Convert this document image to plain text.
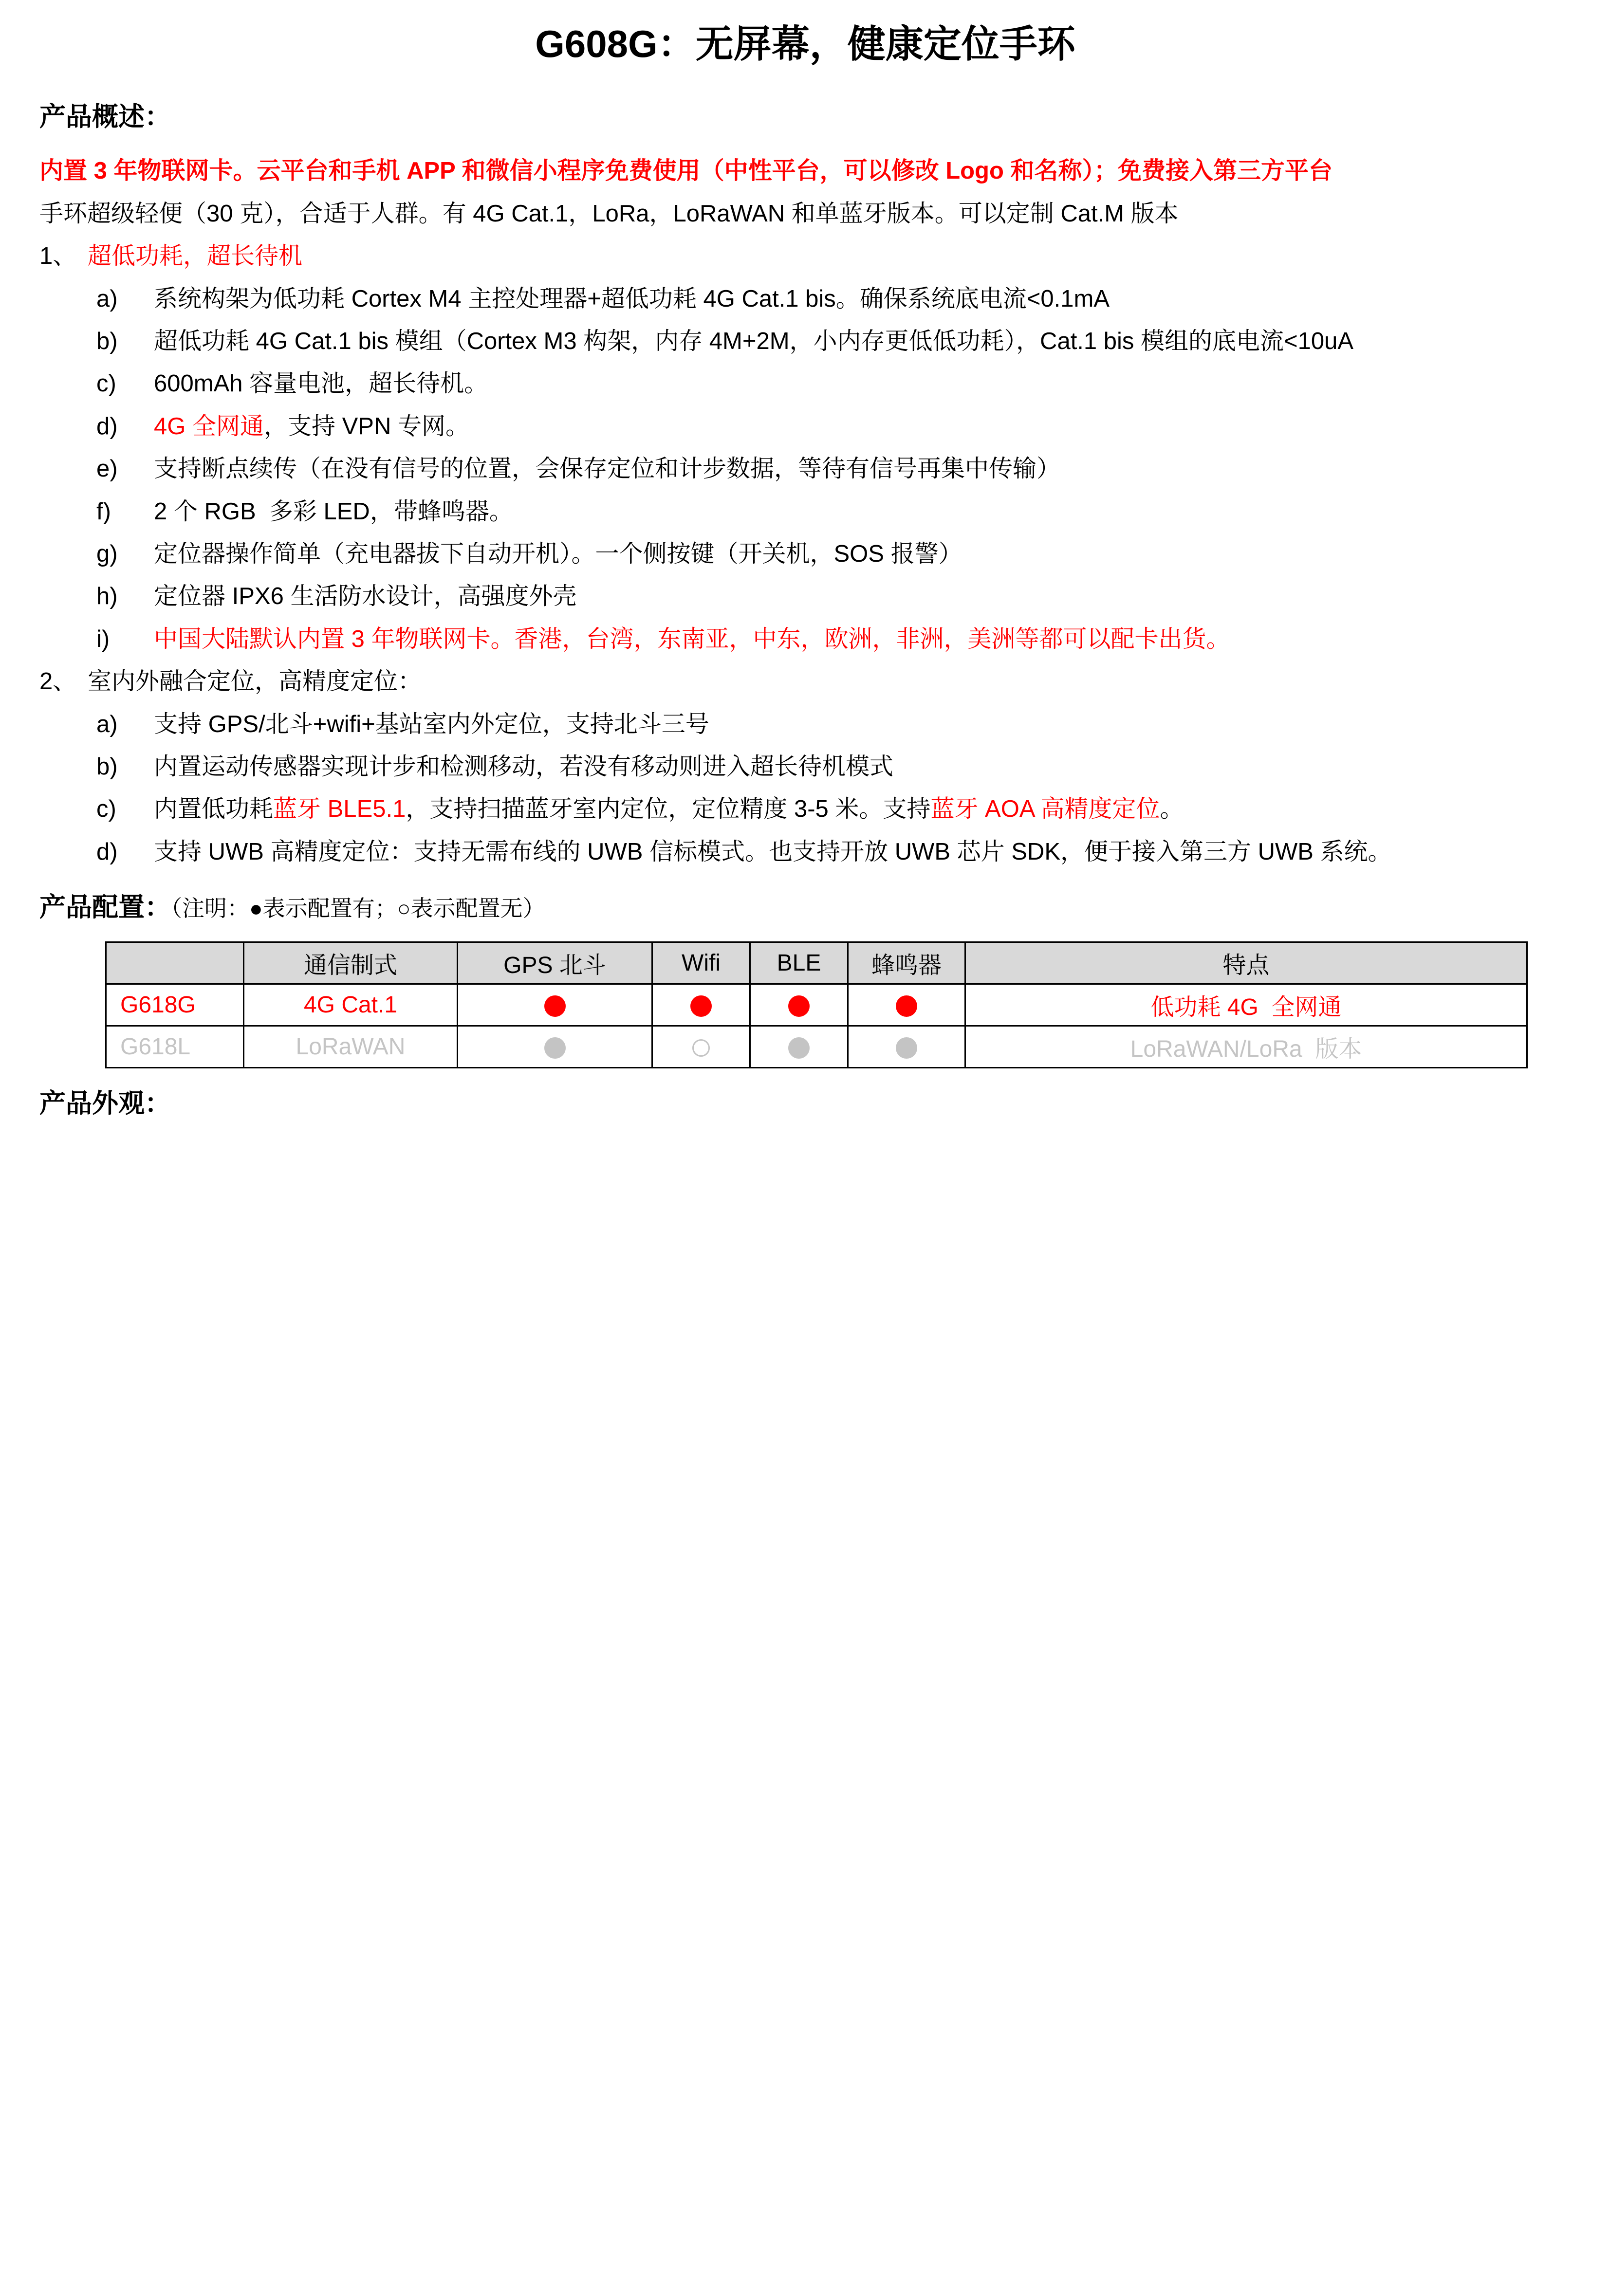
G608G：无屏幕，健康定位手环
产品概述：
内置 3 年物联网卡。云平台和手机 APP 和微信小程序免费使用（中性平台，可以修改 Logo 和名称）；免费接入第三方平台
手环超级轻便（30 克），合适于人群。有 4G Cat.1，LoRa，LoRaWAN 和单蓝牙版本。可以定制 Cat.M 版本
1、 超低功耗，超长待机
a)	系统构架为低功耗 Cortex M4 主控处理器+超低功耗 4G Cat.1 bis。确保系统底电流<0.1mA
b)	超低功耗 4G Cat.1 bis 模组（Cortex M3 构架，内存 4M+2M，小内存更低低功耗），Cat.1 bis 模组的底电流<10uA
c)	600mAh 容量电池，超长待机。
d)	4G 全网通，支持 VPN 专网。
e)	支持断点续传（在没有信号的位置，会保存定位和计步数据，等待有信号再集中传输）
f)	2 个 RGB  多彩 LED，带蜂鸣器。
g)	定位器操作简单（充电器拔下自动开机）。一个侧按键（开关机，SOS 报警）
h)	定位器 IPX6 生活防水设计，高强度外壳
i)	中国大陆默认内置 3 年物联网卡。香港，台湾，东南亚，中东，欧洲，非洲，美洲等都可以配卡出货。
2、 室内外融合定位，高精度定位：
a)	支持 GPS/北斗+wifi+基站室内外定位，支持北斗三号
b)	内置运动传感器实现计步和检测移动，若没有移动则进入超长待机模式
c)	内置低功耗蓝牙 BLE5.1，支持扫描蓝牙室内定位，定位精度 3-5 米。支持蓝牙 AOA 高精度定位。
d)	支持 UWB 高精度定位：支持无需布线的 UWB 信标模式。也支持开放 UWB 芯片 SDK，便于接入第三方 UWB 系统。
产品配置：（注明：●表示配置有；○表示配置无）
	通信制式	GPS 北斗	Wifi	BLE	蜂鸣器	特点
G618G	4G Cat.1					低功耗 4G  全网通
G618L	LoRaWAN					LoRaWAN/LoRa  版本
产品外观：
